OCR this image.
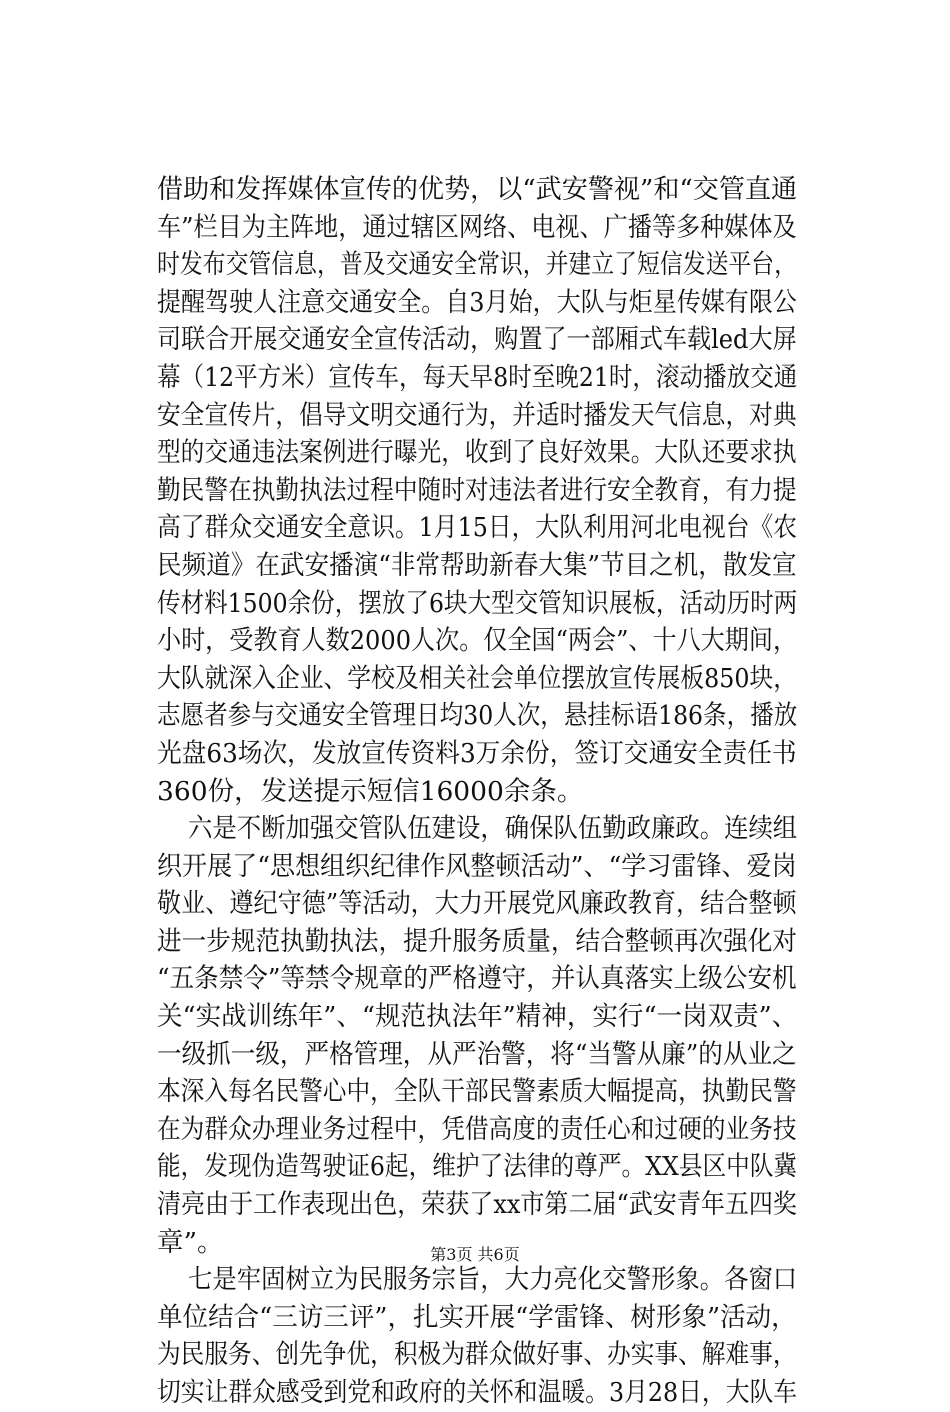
借助和发挥媒体宣传的优势，以“武安警视”和“交管直通
车”栏目为主阵地，通过辖区网络、电视、广播等多种媒体及
时发布交管信息，普及交通安全常识，并建立了短信发送平台，
提醒驾驶人注意交通安全。自3月始，大队与炬星传媒有限公
司联合开展交通安全宣传活动，购置了一部厢式车载led大屏
幕（12平方米）宣传车，每天早8时至晚21时，滚动播放交通
安全宣传片，倡导文明交通行为，并适时播发天气信息，对典
型的交通违法案例进行曝光，收到了良好效果。大队还要求执
勤民警在执勤执法过程中随时对违法者进行安全教育，有力提
高了群众交通安全意识。1月15日，大队利用河北电视台《农
民频道》在武安播演“非常帮助新春大集”节目之机，散发宣
传材料1500余份，摆放了6块大型交管知识展板，活动历时两
小时，受教育人数2000人次。仅全国“两会”、十八大期间，
大队就深入企业、学校及相关社会单位摆放宣传展板850块，
志愿者参与交通安全管理日均30人次，悬挂标语186条，播放
光盘63场次，发放宣传资料3万余份，签订交通安全责任书
360份，发送提示短信16000余条。
六是不断加强交管队伍建设，确保队伍勤政廉政。连续组
织开展了“思想组织纪律作风整顿活动”、“学习雷锋、爱岗
敬业、遵纪守德”等活动，大力开展党风廉政教育，结合整顿
进一步规范执勤执法，提升服务质量，结合整顿再次强化对
“五条禁令”等禁令规章的严格遵守，并认真落实上级公安机
关“实战训练年”、“规范执法年”精神，实行“一岗双责”、
一级抓一级，严格管理，从严治警，将“当警从廉”的从业之
本深入每名民警心中，全队干部民警素质大幅提高，执勤民警
在为群众办理业务过程中，凭借高度的责任心和过硬的业务技
能，发现伪造驾驶证6起，维护了法律的尊严。XX县区中队冀
清亮由于工作表现出色，荣获了xx市第二届“武安青年五四奖
章”。
七是牢固树立为民服务宗旨，大力亮化交警形象。各窗口
单位结合“三访三评”，扎实开展“学雷锋、树形象”活动，
为民服务、创先争优，积极为群众做好事、办实事、解难事，
切实让群众感受到党和政府的关怀和温暖。3月28日，大队车
第3页 共6页
